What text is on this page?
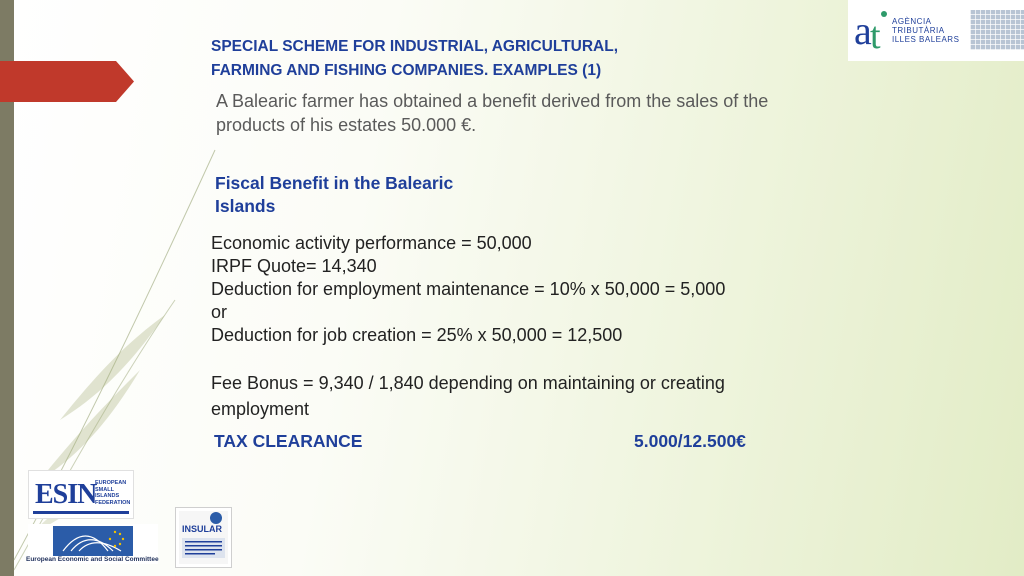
SPECIAL SCHEME FOR INDUSTRIAL, AGRICULTURAL,
FARMING AND FISHING COMPANIES. EXAMPLES (1)
A Balearic farmer has obtained a benefit derived from the sales of the
products of his estates 50.000 €.
Fiscal Benefit in the Balearic
Islands
Economic activity performance = 50,000
IRPF Quote= 14,340
Deduction for employment maintenance = 10% x 50,000 = 5,000
or
Deduction for job creation = 25% x 50,000 = 12,500
Fee Bonus = 9,340 / 1,840 depending on maintaining or creating
employment
TAX CLEARANCE	5.000/12.500€
a
t AGÈNCIA
TRIBUTÀRIA
ILLES BALEARS
ESIN
EUROPEAN
SMALL
ISLANDS
FEDERATION
European Economic and Social Committee
INSULAR
